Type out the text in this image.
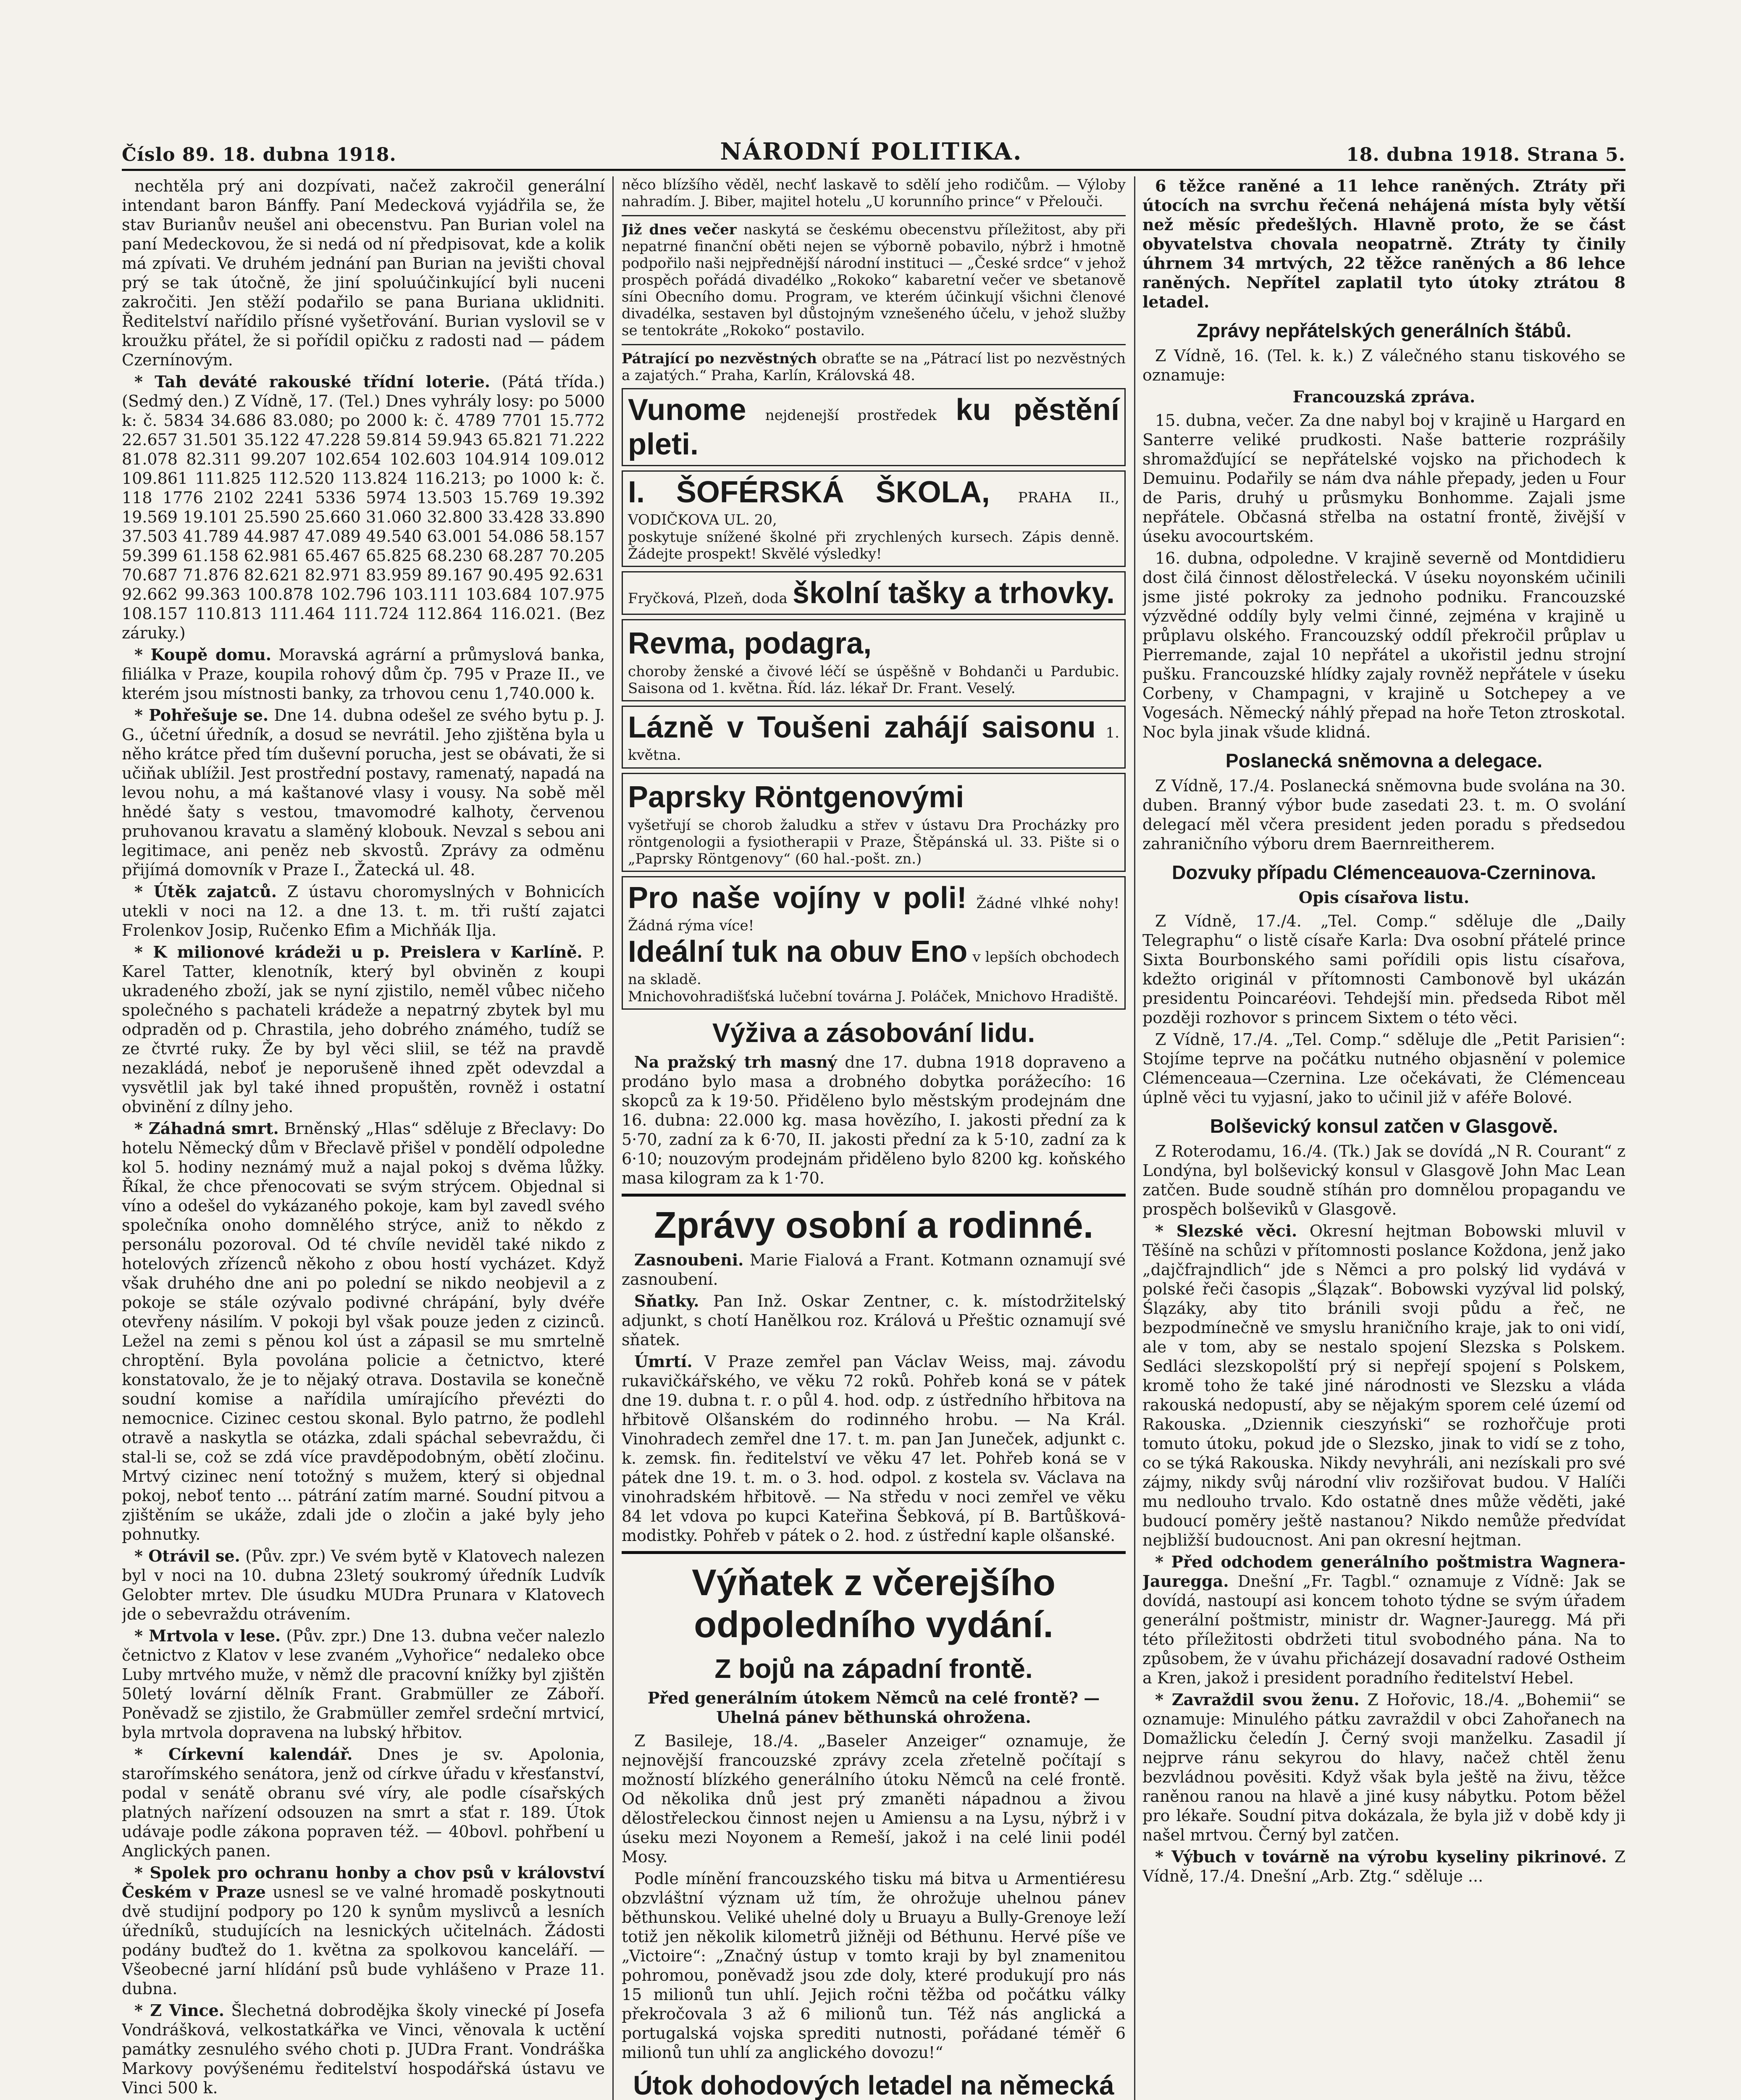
Číslo 89. 18. dubna 1918.	NÁRODNÍ POLITIKA.	18. dubna 1918. Strana 5.

nechtěla prý ani dozpívati, načež zakročil generální intendant baron Bánffy. Paní Medecková vyjádřila se, že stav Burianův neušel ani obecenstvu. Pan Burian volel na paní Medeckovou, že si nedá od ní předpisovat, kde a kolik má zpívati. Ve druhém jednání pan Burian na jevišti choval prý se tak útočně, že jiní spoluúčinkující byli nuceni zakročiti. Jen stěží podařilo se pana Buriana uklidniti. Ředitelství nařídilo přísné vyšetřování. Burian vyslovil se v kroužku přátel, že si pořídil opičku z radosti nad — pádem Czernínovým.

* Tah deváté rakouské třídní loterie. (Pátá třída.) (Sedmý den.) Z Vídně, 17. (Tel.) Dnes vyhrály losy: po 5000 k: č. 5834 34.686 83.080; po 2000 k: č. 4789 7701 15.772 22.657 31.501 35.122 47.228 59.814 59.943 65.821 71.222 81.078 82.311 99.207 102.654 102.603 104.914 109.012 109.861 111.825 112.520 113.824 116.213; po 1000 k: č. 118 1776 2102 2241 5336 5974 13.503 15.769 19.392 19.569 19.101 25.590 25.660 31.060 32.800 33.428 33.890 37.503 41.789 44.987 47.089 49.540 63.001 54.086 58.157 59.399 61.158 62.981 65.467 65.825 68.230 68.287 70.205 70.687 71.876 82.621 82.971 83.959 89.167 90.495 92.631 92.662 99.363 100.878 102.796 103.111 103.684 107.975 108.157 110.813 111.464 111.724 112.864 116.021. (Bez záruky.)

* Koupě domu. Moravská agrární a průmyslová banka, filiálka v Praze, koupila rohový dům čp. 795 v Praze II., ve kterém jsou místnosti banky, za trhovou cenu 1,740.000 k.

* Pohřešuje se. Dne 14. dubna odešel ze svého bytu p. J. G., účetní úředník, a dosud se nevrátil. Jeho zjištěna byla u něho krátce před tím duševní porucha, jest se obávati, že si učiňak ublížil. Jest prostřední postavy, ramenatý, napadá na levou nohu, a má kaštanové vlasy i vousy. Na sobě měl hnědé šaty s vestou, tmavomodré kalhoty, červenou pruhovanou kravatu a slaměný klobouk. Nevzal s sebou ani legitimace, ani peněz neb skvostů. Zprávy za odměnu přijímá domovník v Praze I., Žatecká ul. 48.

* Útěk zajatců. Z ústavu choromyslných v Bohnicích utekli v noci na 12. a dne 13. t. m. tři ruští zajatci Frolenkov Josip, Ručenko Efim a Michňák Ilja.

* K milionové krádeži u p. Preislera v Karlíně. P. Karel Tatter, klenotník, který byl obviněn z koupi ukradeného zboží, jak se nyní zjistilo, neměl vůbec ničeho společného s pachateli krádeže a nepatrný zbytek byl mu odpraděn od p. Chrastila, jeho dobrého známého, tudíž se ze čtvrté ruky. Že by byl věci sliil, se též na pravdě nezakládá, neboť je neporušeně ihned zpět odevzdal a vysvětlil jak byl také ihned propuštěn, rovněž i ostatní obvinění z dílny jeho.

* Záhadná smrt. Brněnský „Hlas“ sděluje z Břeclavy: Do hotelu Německý dům v Břeclavě přišel v pondělí odpoledne kol 5. hodiny neznámý muž a najal pokoj s dvěma lůžky. Říkal, že chce přenocovati se svým strýcem. Objednal si víno a odešel do vykázaného pokoje, kam byl zavedl svého společníka onoho domnělého strýce, aniž to někdo z personálu pozoroval. Od té chvíle neviděl také nikdo z hotelových zřízenců někoho z obou hostí vycházet. Když však druhého dne ani po polední se nikdo neobjevil a z pokoje se stále ozývalo podivné chrápání, byly dvéře otevřeny násilím. V pokoji byl však pouze jeden z cizinců. Ležel na zemi s pěnou kol úst a zápasil se mu smrtelně chroptění. Byla povolána policie a četnictvo, které konstatovalo, že je to nějaký otrava. Dostavila se konečně soudní komise a nařídila umírajícího převézti do nemocnice. Cizinec cestou skonal. Bylo patrno, že podlehl otravě a naskytla se otázka, zdali spáchal sebevraždu, či stal-li se, což se zdá více pravděpodobným, obětí zločinu. Mrtvý cizinec není totožný s mužem, který si objednal pokoj, neboť tento ... pátrání zatím marné. Soudní pitvou a zjištěním se ukáže, zdali jde o zločin a jaké byly jeho pohnutky.

* Otrávil se. (Pův. zpr.) Ve svém bytě v Klatovech nalezen byl v noci na 10. dubna 23letý soukromý úředník Ludvík Gelobter mrtev. Dle úsudku MUDra Prunara v Klatovech jde o sebevraždu otrávením.

* Mrtvola v lese. (Pův. zpr.) Dne 13. dubna večer nalezlo četnictvo z Klatov v lese zvaném „Vyhořice“ nedaleko obce Luby mrtvého muže, v němž dle pracovní knížky byl zjištěn 50letý lovární dělník Frant. Grabmüller ze Záboří. Poněvadž se zjistilo, že Grabmüller zemřel srdeční mrtvicí, byla mrtvola dopravena na lubský hřbitov.

* Církevní kalendář. Dnes je sv. Apolonia, starořímského senátora, jenž od církve úřadu v křesťanství, podal v senátě obranu své víry, ale podle císařských platných nařízení odsouzen na smrt a sťat r. 189. Útok udávaje podle zákona popraven též. — 40bovl. pohřbení u Anglických panen.

* Spolek pro ochranu honby a chov psů v království Českém v Praze usnesl se ve valné hromadě poskytnouti dvě studijní podpory po 120 k synům myslivců a lesních úředníků, studujících na lesnických učitelnách. Žádosti podány buďtež do 1. května za spolkovou kanceláří. — Všeobecné jarní hlídání psů bude vyhlášeno v Praze 11. dubna.

* Z Vince. Šlechetná dobrodějka školy vinecké pí Josefa Vondrášková, velkostatkářka ve Vinci, věnovala k uctění památky zesnulého svého choti p. JUDra Frant. Vondráška Markovy povýšenému ředitelství hospodářská ústavu ve Vinci 500 k.

něco blízšího věděl, nechť laskavě to sdělí jeho rodičům. — Výloby nahradím. J. Biber, majitel hotelu „U korunního prince“ v Přelouči.
Již dnes večer naskytá se českému obecenstvu příležitost, aby při nepatrné finanční oběti nejen se výborně pobavilo, nýbrž i hmotně podpořilo naši nejpřednější národní instituci — „České srdce“ v jehož prospěch pořádá divadélko „Rokoko“ kabaretní večer ve sbetanově síni Obecního domu. Program, ve kterém účinkují všichni členové divadélka, sestaven byl důstojným vznešeného účelu, v jehož služby se tentokráte „Rokoko“ postavilo.
Pátrající po nezvěstných obraťte se na „Pátrací list po nezvěstných a zajatých.“ Praha, Karlín, Královská 48.
Vunome nejdenejší prostředek ku pěstění pleti.
I. ŠOFÉRSKÁ ŠKOLA, PRAHA II., VODIČKOVA UL. 20,
poskytuje snížené školné při zrychlených kursech. Zápis denně. Žádejte prospekt! Skvělé výsledky!
Fryčková, Plzeň, doda školní tašky a trhovky.
Revma, podagra,
choroby ženské a čivové léčí se úspěšně v Bohdanči u Pardubic. Saisona od 1. května. Říd. láz. lékař Dr. Frant. Veselý.
Lázně v Toušeni zahájí saisonu 1. května.
Paprsky Röntgenovými
vyšetřují se chorob žaludku a střev v ústavu Dra Procházky pro röntgenologii a fysiotherapii v Praze, Štěpánská ul. 33. Pište si o „Paprsky Röntgenovy“ (60 hal.-pošt. zn.)
Pro naše vojíny v poli! Žádné vlhké nohy! Žádná rýma více!
Ideální tuk na obuv Eno v lepších obchodech na skladě.
Mnichovohradišťská lučební továrna J. Poláček, Mnichovo Hradiště.
Výživa a zásobování lidu.

Na pražský trh masný dne 17. dubna 1918 dopraveno a prodáno bylo masa a drobného dobytka porážecího: 16 skopců za k 19·50. Přiděleno bylo městským prodejnám dne 16. dubna: 22.000 kg. masa hovězího, I. jakosti přední za k 5·70, zadní za k 6·70, II. jakosti přední za k 5·10, zadní za k 6·10; nouzovým prodejnám přiděleno bylo 8200 kg. koňského masa kilogram za k 1·70.

Zprávy osobní a rodinné.

Zasnoubeni. Marie Fialová a Frant. Kotmann oznamují své zasnoubení.

Sňatky. Pan Inž. Oskar Zentner, c. k. místodržitelský adjunkt, s chotí Hanělkou roz. Králová u Přeštic oznamují své sňatek.

Úmrtí. V Praze zemřel pan Václav Weiss, maj. závodu rukavičkářského, ve věku 72 roků. Pohřeb koná se v pátek dne 19. dubna t. r. o půl 4. hod. odp. z ústředního hřbitova na hřbitově Olšanském do rodinného hrobu. — Na Král. Vinohradech zemřel dne 17. t. m. pan Jan Juneček, adjunkt c. k. zemsk. fin. ředitelství ve věku 47 let. Pohřeb koná se v pátek dne 19. t. m. o 3. hod. odpol. z kostela sv. Václava na vinohradském hřbitově. — Na středu v noci zemřel ve věku 84 let vdova po kupci Kateřina Šebková, pí B. Bartůšková-modistky. Pohřeb v pátek o 2. hod. z ústřední kaple olšanské.

Výňatek z včerejšího odpoledního vydání.
Z bojů na západní frontě.
Před generálním útokem Němců na celé frontě? — Uhelná pánev běthunská ohrožena.

Z Basileje, 18./4. „Baseler Anzeiger“ oznamuje, že nejnovější francouzské zprávy zcela zřetelně počítají s možností blízkého generálního útoku Němců na celé frontě. Od několika dnů jest prý zmaněti nápadnou a živou dělostřeleckou činnost nejen u Amiensu a na Lysu, nýbrž i v úseku mezi Noyonem a Remeší, jakož i na celé linii podél Mosy.

Podle mínění francouzského tisku má bitva u Armentiéresu obzvláštní význam už tím, že ohrožuje uhelnou pánev běthunskou. Veliké uhelné doly u Bruayu a Bully-Grenoye leží totiž jen několik kilometrů jižněji od Béthunu. Hervé píše ve „Victoire“: „Značný ústup v tomto kraji by byl znamenitou pohromou, poněvadž jsou zde doly, které produkují pro nás 15 milionů tun uhlí. Jejich ročni těžba od počátku války překročovala 3 až 6 milionů tun. Též nás anglická a portugalská vojska sprediti nutnosti, pořádané téměř 6 milionů tun uhlí za anglického dovozu!“

Útok dohodových letadel na německá

6 těžce raněné a 11 lehce raněných. Ztráty při útocích na svrchu řečená nehájená místa byly větší než měsíc předešlých. Hlavně proto, že se část obyvatelstva chovala neopatrně. Ztráty ty činily úhrnem 34 mrtvých, 22 těžce raněných a 86 lehce raněných. Nepřítel zaplatil tyto útoky ztrátou 8 letadel.

Zprávy nepřátelských generálních štábů.

Z Vídně, 16. (Tel. k. k.) Z válečného stanu tiskového se oznamuje:

Francouzská zpráva.

15. dubna, večer. Za dne nabyl boj v krajině u Hargard en Santerre veliké prudkosti. Naše batterie rozprášily shromažďující se nepřátelské vojsko na přichodech k Demuinu. Podařily se nám dva náhle přepady, jeden u Four de Paris, druhý u průsmyku Bonhomme. Zajali jsme nepřátele. Občasná střelba na ostatní frontě, živější v úseku avocourtském.

16. dubna, odpoledne. V krajině severně od Montdidieru dost čilá činnost dělostřelecká. V úseku noyonském učinili jsme jisté pokroky za jednoho podniku. Francouzské výzvědné oddíly byly velmi činné, zejména v krajině u průplavu olského. Francouzský oddíl překročil průplav u Pierremande, zajal 10 nepřátel a ukořistil jednu strojní pušku. Francouzské hlídky zajaly rovněž nepřátele v úseku Corbeny, v Champagni, v krajině u Sotchepey a ve Vogesách. Německý náhlý přepad na hoře Teton ztroskotal. Noc byla jinak všude klidná.

Poslanecká sněmovna a delegace.

Z Vídně, 17./4. Poslanecká sněmovna bude svolána na 30. duben. Branný výbor bude zasedati 23. t. m. O svolání delegací měl včera president jeden poradu s předsedou zahraničního výboru drem Baernreitherem.

Dozvuky případu Clémenceauova-Czerninova.
Opis císařova listu.

Z Vídně, 17./4. „Tel. Comp.“ sděluje dle „Daily Telegraphu“ o listě císaře Karla: Dva osobní přátelé prince Sixta Bourbonského sami pořídili opis listu císařova, kdežto originál v přítomnosti Cambonově byl ukázán presidentu Poincaréovi. Tehdejší min. předseda Ribot měl později rozhovor s princem Sixtem o této věci.

Z Vídně, 17./4. „Tel. Comp.“ sděluje dle „Petit Parisien“: Stojíme teprve na počátku nutného objasnění v polemice Clémenceaua—Czernina. Lze očekávati, že Clémenceau úplně věci tu vyjasní, jako to učinil již v aféře Bolové.

Bolševický konsul zatčen v Glasgově.

Z Roterodamu, 16./4. (Tk.) Jak se dovídá „N R. Courant“ z Londýna, byl bolševický konsul v Glasgově John Mac Lean zatčen. Bude soudně stíhán pro domnělou propagandu ve prospěch bolševiků v Glasgově.

* Slezské věci. Okresní hejtman Bobowski mluvil v Těšíně na schůzi v přítomnosti poslance Koždona, jenž jako „dajčfrajndlich“ jde s Němci a pro polský lid vydává v polské řeči časopis „Ślązak“. Bobowski vyzýval lid polský, Ślązáky, aby tito bránili svoji půdu a řeč, ne bezpodmínečně ve smyslu hraničního kraje, jak to oni vidí, ale v tom, aby se nestalo spojení Slezska s Polskem. Sedláci slezskopolští prý si nepřejí spojení s Polskem, kromě toho že také jiné národnosti ve Slezsku a vláda rakouská nedopustí, aby se nějakým sporem celé území od Rakouska. „Dziennik cieszyński“ se rozhořčuje proti tomuto útoku, pokud jde o Slezsko, jinak to vidí se z toho, co se týká Rakouska. Nikdy nevyhráli, ani nezískali pro své zájmy, nikdy svůj národní vliv rozšiřovat budou. V Halíči mu nedlouho trvalo. Kdo ostatně dnes může věděti, jaké budoucí poměry ještě nastanou? Nikdo nemůže předvídat nejbližší budoucnost. Ani pan okresní hejtman.

* Před odchodem generálního poštmistra Wagnera-Jauregga. Dnešní „Fr. Tagbl.“ oznamuje z Vídně: Jak se dovídá, nastoupí asi koncem tohoto týdne se svým úřadem generální poštmistr, ministr dr. Wagner-Jauregg. Má při této příležitosti obdržeti titul svobodného pána. Na to způsobem, že v úvahu přicházejí dosavadní radové Ostheim a Kren, jakož i president poradního ředitelství Hebel.

* Zavraždil svou ženu. Z Hořovic, 18./4. „Bohemii“ se oznamuje: Minulého pátku zavraždil v obci Zahořanech na Domažlicku čeledín J. Černý svoji manželku. Zasadil jí nejprve ránu sekyrou do hlavy, načež chtěl ženu bezvládnou pověsiti. Když však byla ještě na živu, těžce raněnou ranou na hlavě a jiné kusy nábytku. Potom běžel pro lékaře. Soudní pitva dokázala, že byla již v době kdy ji našel mrtvou. Černý byl zatčen.

* Výbuch v továrně na výrobu kyseliny pikrinové. Z Vídně, 17./4. Dnešní „Arb. Ztg.“ sděluje ...
